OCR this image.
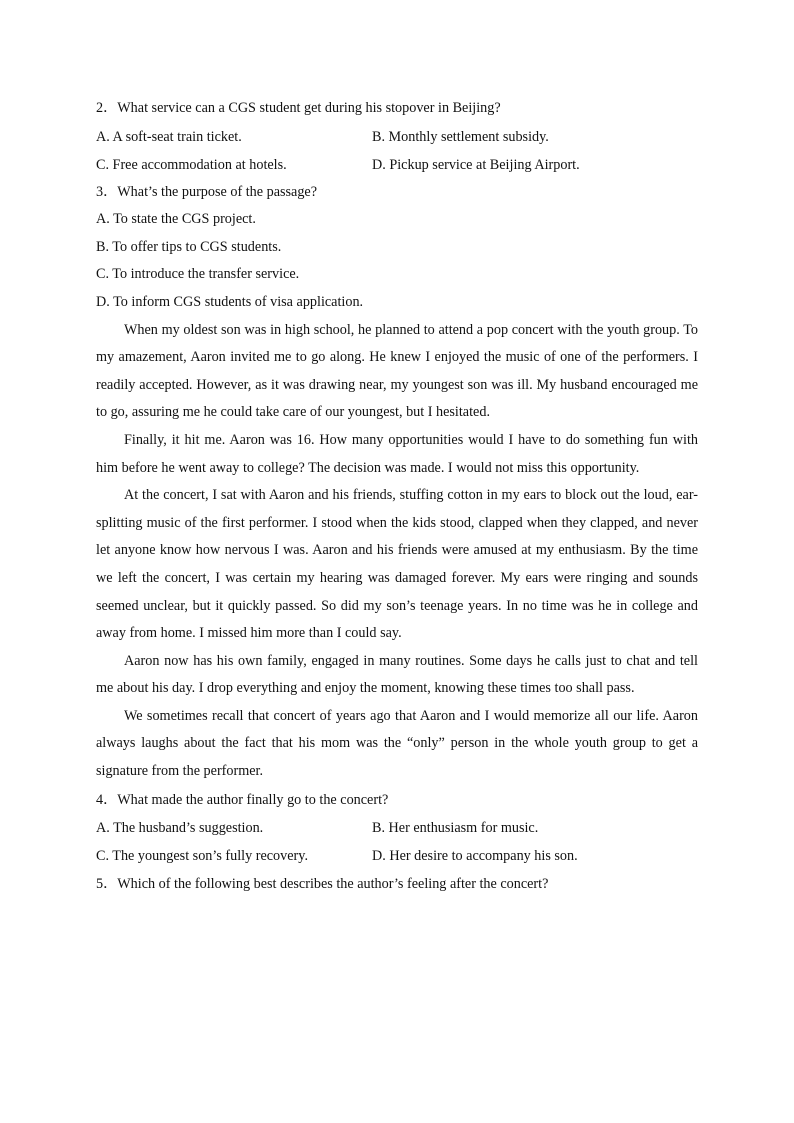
2．What service can a CGS student get during his stopover in Beijing?
A. A soft-seat train ticket.	B. Monthly settlement subsidy.
C. Free accommodation at hotels.	D. Pickup service at Beijing Airport.
3．What’s the purpose of the passage?
A. To state the CGS project.
B. To offer tips to CGS students.
C. To introduce the transfer service.
D. To inform CGS students of visa application.

When my oldest son was in high school, he planned to attend a pop concert with the youth group. To my amazement, Aaron invited me to go along. He knew I enjoyed the music of one of the performers. I readily accepted. However, as it was drawing near, my youngest son was ill. My husband encouraged me to go, assuring me he could take care of our youngest, but I hesitated.

Finally, it hit me. Aaron was 16. How many opportunities would I have to do something fun with him before he went away to college? The decision was made. I would not miss this opportunity.

At the concert, I sat with Aaron and his friends, stuffing cotton in my ears to block out the loud, ear-splitting music of the first performer. I stood when the kids stood, clapped when they clapped, and never let anyone know how nervous I was. Aaron and his friends were amused at my enthusiasm. By the time we left the concert, I was certain my hearing was damaged forever. My ears were ringing and sounds seemed unclear, but it quickly passed. So did my son’s teenage years. In no time was he in college and away from home. I missed him more than I could say.

Aaron now has his own family, engaged in many routines. Some days he calls just to chat and tell me about his day. I drop everything and enjoy the moment, knowing these times too shall pass.

We sometimes recall that concert of years ago that Aaron and I would memorize all our life. Aaron always laughs about the fact that his mom was the “only” person in the whole youth group to get a signature from the performer.

4．What made the author finally go to the concert?
A. The husband’s suggestion.	B. Her enthusiasm for music.
C. The youngest son’s fully recovery.	D. Her desire to accompany his son.
5．Which of the following best describes the author’s feeling after the concert?
